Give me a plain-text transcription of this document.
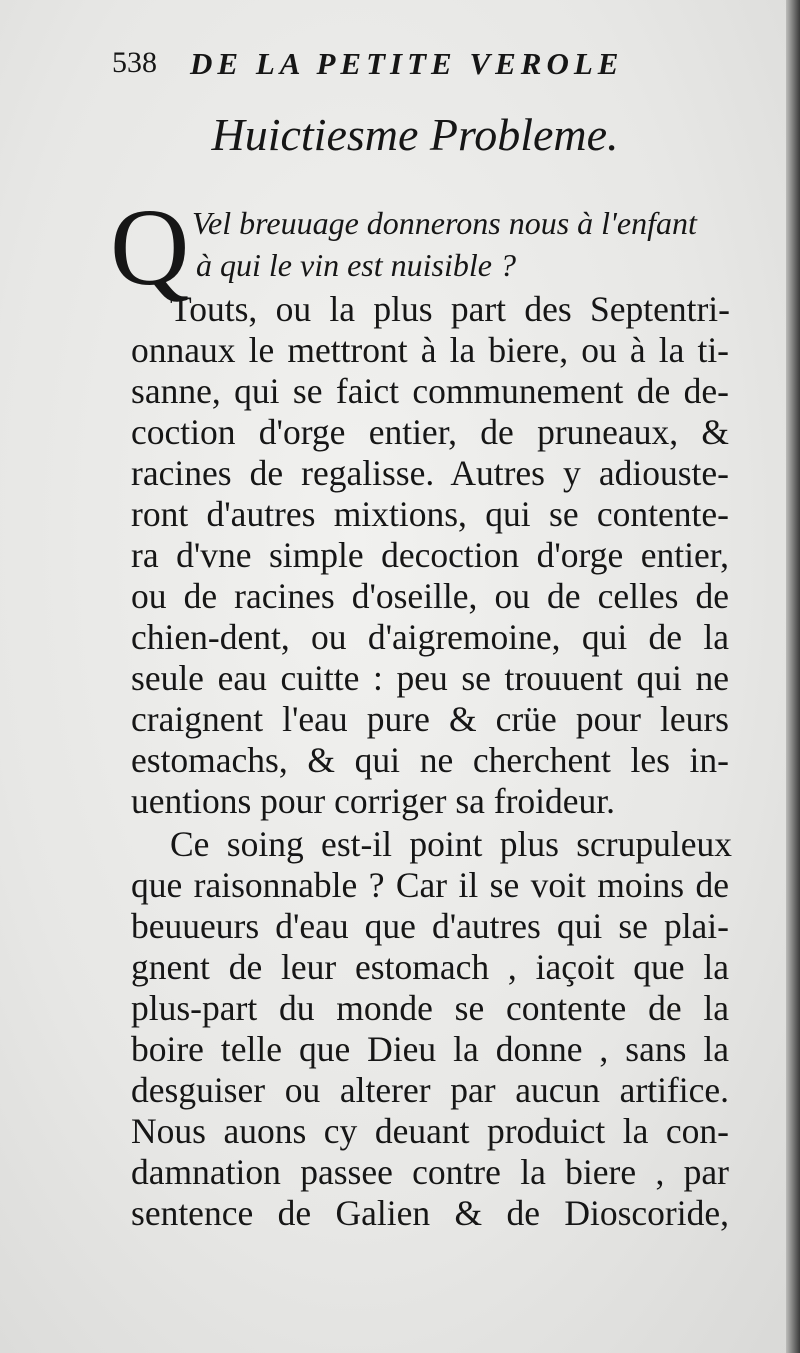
538 DE LA PETITE VEROLE
Huictiesme Probleme.
Q Vel breuuage donnerons nous à l'enfant
à qui le vin est nuisible ?
Touts, ou la plus part des Septentri-
onnaux le mettront à la biere, ou à la ti-
sanne, qui se faict communement de de-
coction d'orge entier, de pruneaux, &
racines de regalisse. Autres y adiouste-
ront d'autres mixtions, qui se contente-
ra d'vne simple decoction d'orge entier,
ou de racines d'oseille, ou de celles de
chien-dent, ou d'aigremoine, qui de la
seule eau cuitte : peu se trouuent qui ne
craignent l'eau pure & crüe pour leurs
estomachs, & qui ne cherchent les in-
uentions pour corriger sa froideur.
Ce soing est-il point plus scrupuleux
que raisonnable ? Car il se voit moins de
beuueurs d'eau que d'autres qui se plai-
gnent de leur estomach , iaçoit que la
plus-part du monde se contente de la
boire telle que Dieu la donne , sans la
desguiser ou alterer par aucun artifice.
Nous auons cy deuant produict la con-
damnation passee contre la biere , par
sentence de Galien & de Dioscoride,
